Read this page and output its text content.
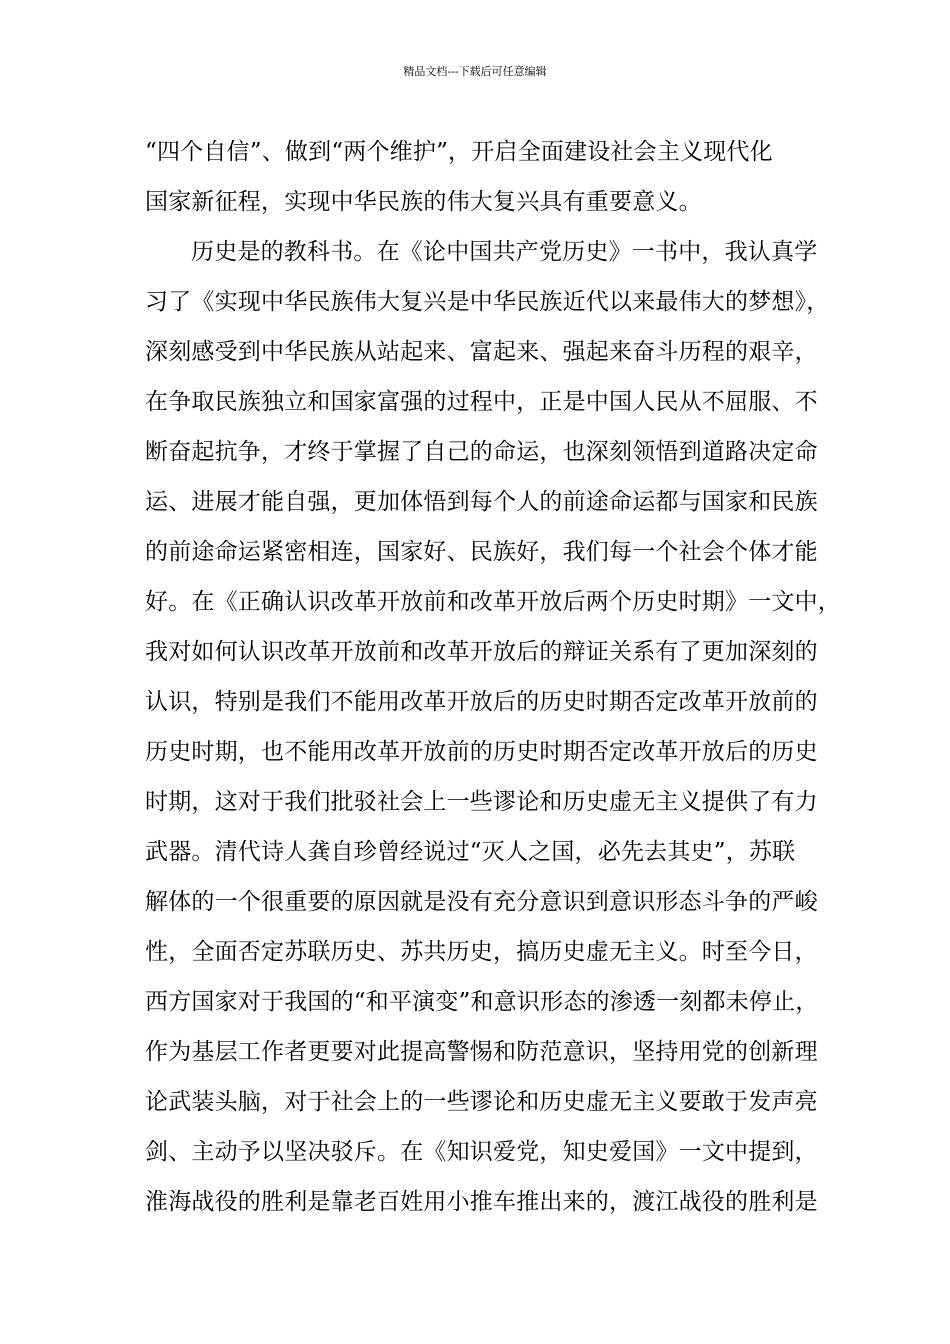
精品文档---下载后可任意编辑
“四个自信”、做到“两个维护”，开启全面建设社会主义现代化
国家新征程，实现中华民族的伟大复兴具有重要意义。
历史是的教科书。在《论中国共产党历史》一书中，我认真学
习了《实现中华民族伟大复兴是中华民族近代以来最伟大的梦想》，
深刻感受到中华民族从站起来、富起来、强起来奋斗历程的艰辛，
在争取民族独立和国家富强的过程中，正是中国人民从不屈服、不
断奋起抗争，才终于掌握了自己的命运，也深刻领悟到道路决定命
运、进展才能自强，更加体悟到每个人的前途命运都与国家和民族
的前途命运紧密相连，国家好、民族好，我们每一个社会个体才能
好。在《正确认识改革开放前和改革开放后两个历史时期》一文中，
我对如何认识改革开放前和改革开放后的辩证关系有了更加深刻的
认识，特别是我们不能用改革开放后的历史时期否定改革开放前的
历史时期，也不能用改革开放前的历史时期否定改革开放后的历史
时期，这对于我们批驳社会上一些谬论和历史虚无主义提供了有力
武器。清代诗人龚自珍曾经说过“灭人之国，必先去其史”，苏联
解体的一个很重要的原因就是没有充分意识到意识形态斗争的严峻
性，全面否定苏联历史、苏共历史，搞历史虚无主义。时至今日，
西方国家对于我国的“和平演变”和意识形态的渗透一刻都未停止，
作为基层工作者更要对此提高警惕和防范意识，坚持用党的创新理
论武装头脑，对于社会上的一些谬论和历史虚无主义要敢于发声亮
剑、主动予以坚决驳斥。在《知识爱党，知史爱国》一文中提到，
淮海战役的胜利是靠老百姓用小推车推出来的，渡江战役的胜利是
